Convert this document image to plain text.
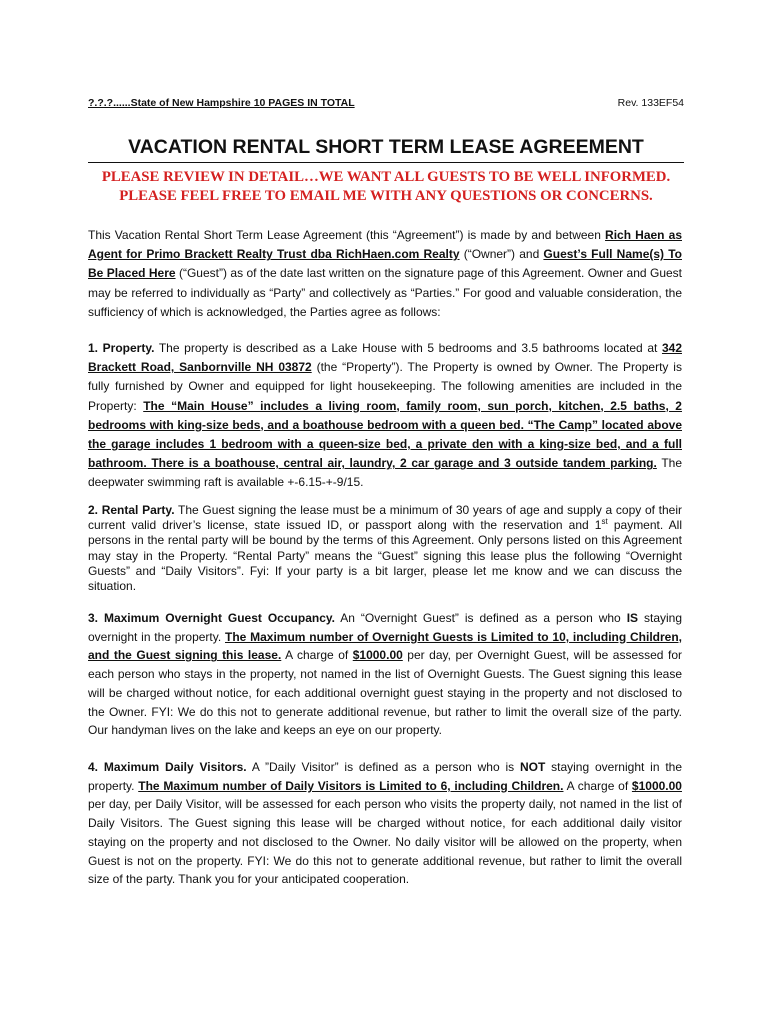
?.?.?......State of New Hampshire 10 PAGES IN TOTAL	Rev. 133EF54
VACATION RENTAL SHORT TERM LEASE AGREEMENT
PLEASE REVIEW IN DETAIL…WE WANT ALL GUESTS TO BE WELL INFORMED.
PLEASE FEEL FREE TO EMAIL ME WITH ANY QUESTIONS OR CONCERNS.
This Vacation Rental Short Term Lease Agreement (this “Agreement”) is made by and between Rich Haen as Agent for Primo Brackett Realty Trust dba RichHaen.com Realty (“Owner”) and Guest’s Full Name(s) To Be Placed Here (“Guest”) as of the date last written on the signature page of this Agreement. Owner and Guest may be referred to individually as “Party” and collectively as “Parties.” For good and valuable consideration, the sufficiency of which is acknowledged, the Parties agree as follows:
1. Property. The property is described as a Lake House with 5 bedrooms and 3.5 bathrooms located at 342 Brackett Road, Sanbornville NH 03872 (the “Property”). The Property is owned by Owner. The Property is fully furnished by Owner and equipped for light housekeeping. The following amenities are included in the Property: The “Main House” includes a living room, family room, sun porch, kitchen, 2.5 baths, 2 bedrooms with king-size beds, and a boathouse bedroom with a queen bed. “The Camp” located above the garage includes 1 bedroom with a queen-size bed, a private den with a king-size bed, and a full bathroom. There is a boathouse, central air, laundry, 2 car garage and 3 outside tandem parking. The deepwater swimming raft is available +-6.15-+-9/15.
2. Rental Party. The Guest signing the lease must be a minimum of 30 years of age and supply a copy of their current valid driver’s license, state issued ID, or passport along with the reservation and 1st payment. All persons in the rental party will be bound by the terms of this Agreement. Only persons listed on this Agreement may stay in the Property. “Rental Party” means the “Guest” signing this lease plus the following “Overnight Guests” and “Daily Visitors”. Fyi: If your party is a bit larger, please let me know and we can discuss the situation.
3. Maximum Overnight Guest Occupancy. An “Overnight Guest” is defined as a person who IS staying overnight in the property. The Maximum number of Overnight Guests is Limited to 10, including Children, and the Guest signing this lease. A charge of $1000.00 per day, per Overnight Guest, will be assessed for each person who stays in the property, not named in the list of Overnight Guests. The Guest signing this lease will be charged without notice, for each additional overnight guest staying in the property and not disclosed to the Owner. FYI: We do this not to generate additional revenue, but rather to limit the overall size of the party. Our handyman lives on the lake and keeps an eye on our property.
4. Maximum Daily Visitors. A ”Daily Visitor” is defined as a person who is NOT staying overnight in the property. The Maximum number of Daily Visitors is Limited to 6, including Children. A charge of $1000.00 per day, per Daily Visitor, will be assessed for each person who visits the property daily, not named in the list of Daily Visitors. The Guest signing this lease will be charged without notice, for each additional daily visitor staying on the property and not disclosed to the Owner. No daily visitor will be allowed on the property, when Guest is not on the property. FYI: We do this not to generate additional revenue, but rather to limit the overall size of the party. Thank you for your anticipated cooperation.
